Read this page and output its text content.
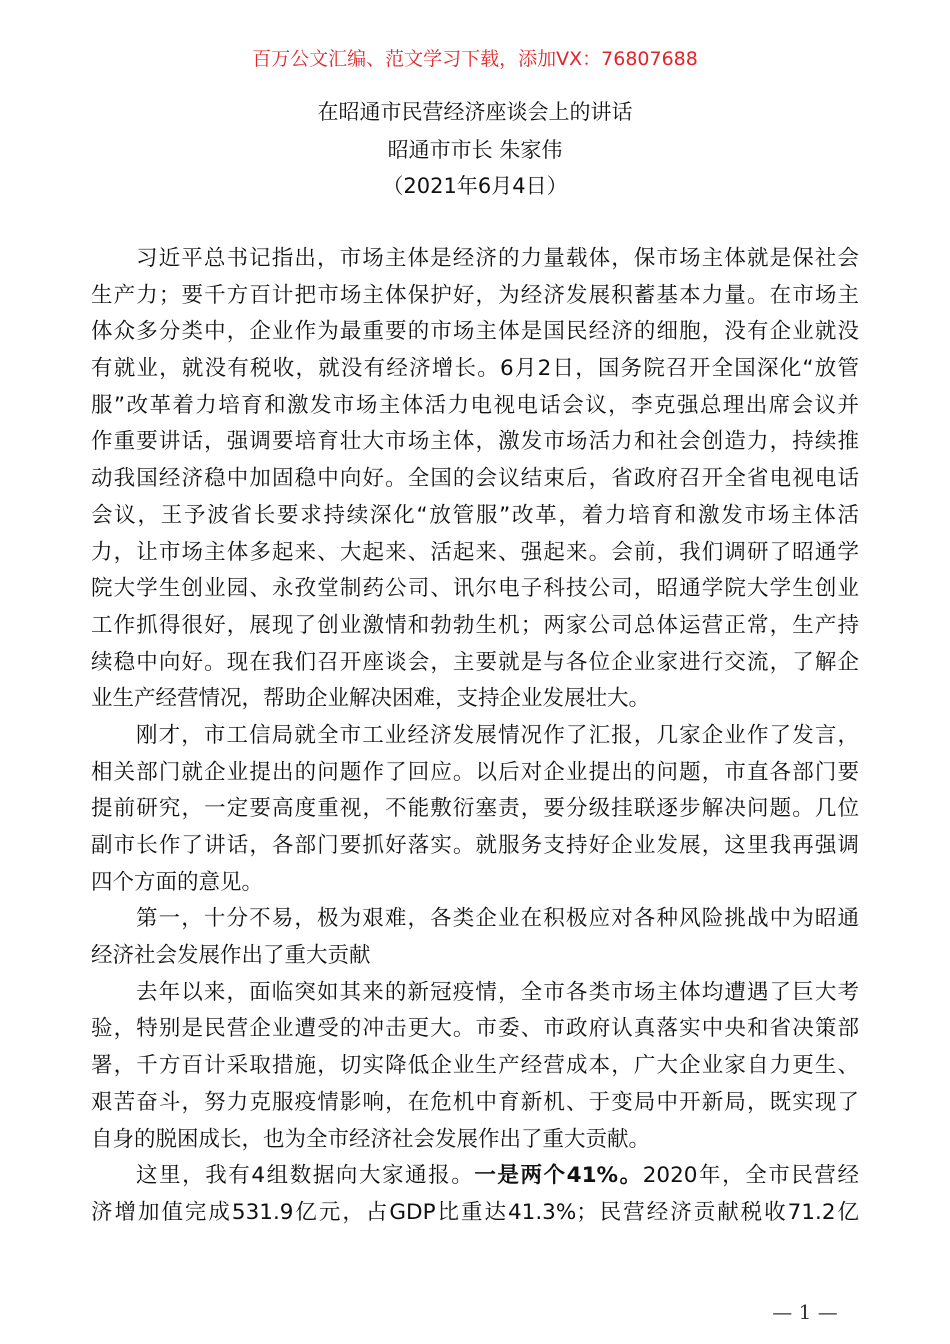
百万公文汇编、范文学习下载，添加VX：76807688
在昭通市民营经济座谈会上的讲话
昭通市市长 朱家伟
（2021年6月4日）
习近平总书记指出，市场主体是经济的力量载体，保市场主体就是保社会
生产力；要千方百计把市场主体保护好，为经济发展积蓄基本力量。在市场主
体众多分类中，企业作为最重要的市场主体是国民经济的细胞，没有企业就没
有就业，就没有税收，就没有经济增长。6月2日，国务院召开全国深化“放管
服”改革着力培育和激发市场主体活力电视电话会议，李克强总理出席会议并
作重要讲话，强调要培育壮大市场主体，激发市场活力和社会创造力，持续推
动我国经济稳中加固稳中向好。全国的会议结束后，省政府召开全省电视电话
会议，王予波省长要求持续深化“放管服”改革，着力培育和激发市场主体活
力，让市场主体多起来、大起来、活起来、强起来。会前，我们调研了昭通学
院大学生创业园、永孜堂制药公司、讯尔电子科技公司，昭通学院大学生创业
工作抓得很好，展现了创业激情和勃勃生机；两家公司总体运营正常，生产持
续稳中向好。现在我们召开座谈会，主要就是与各位企业家进行交流，了解企
业生产经营情况，帮助企业解决困难，支持企业发展壮大。
刚才，市工信局就全市工业经济发展情况作了汇报，几家企业作了发言，
相关部门就企业提出的问题作了回应。以后对企业提出的问题，市直各部门要
提前研究，一定要高度重视，不能敷衍塞责，要分级挂联逐步解决问题。几位
副市长作了讲话，各部门要抓好落实。就服务支持好企业发展，这里我再强调
四个方面的意见。
第一，十分不易，极为艰难，各类企业在积极应对各种风险挑战中为昭通
经济社会发展作出了重大贡献
去年以来，面临突如其来的新冠疫情，全市各类市场主体均遭遇了巨大考
验，特别是民营企业遭受的冲击更大。市委、市政府认真落实中央和省决策部
署，千方百计采取措施，切实降低企业生产经营成本，广大企业家自力更生、
艰苦奋斗，努力克服疫情影响，在危机中育新机、于变局中开新局，既实现了
自身的脱困成长，也为全市经济社会发展作出了重大贡献。
这里，我有4组数据向大家通报。一是两个41%。2020年，全市民营经
济增加值完成531.9亿元，占GDP比重达41.3%；民营经济贡献税收71.2亿
— 1 —
